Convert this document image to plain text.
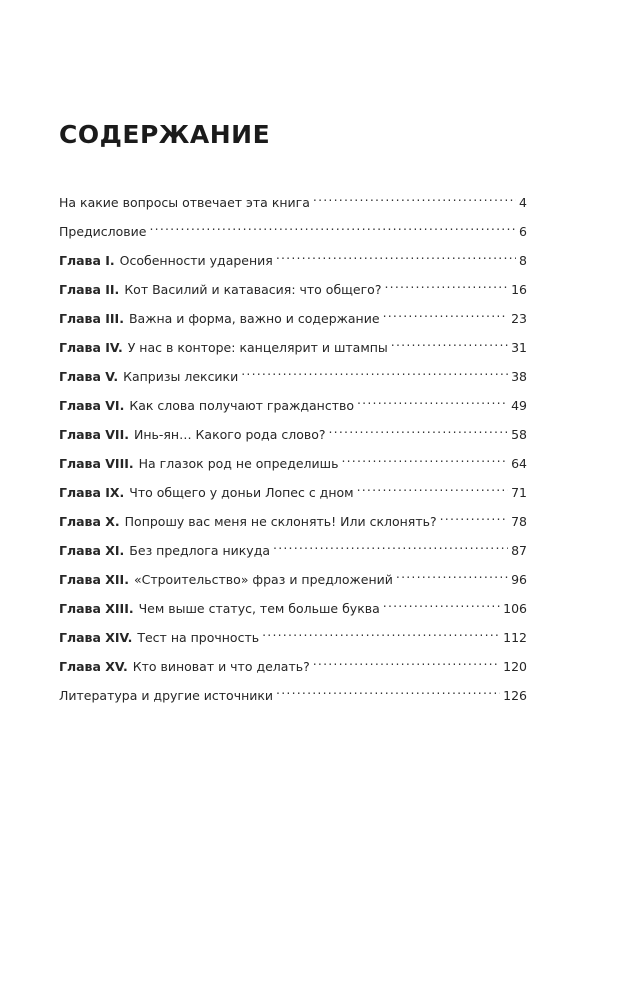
СОДЕРЖАНИЕ
На какие вопросы отвечает эта книга .....	4
Предисловие .....	6
Глава I. Особенности ударения .....	8
Глава II. Кот Василий и катавасия: что общего? .....	16
Глава III. Важна и форма, важно и содержание .....	23
Глава IV. У нас в конторе: канцелярит и штампы .....	31
Глава V. Капризы лексики .....	38
Глава VI. Как слова получают гражданство .....	49
Глава VII. Инь-ян… Какого рода слово? .....	58
Глава VIII. На глазок род не определишь .....	64
Глава IX. Что общего у доньи Лопес с дном .....	71
Глава X. Попрошу вас меня не склонять! Или склонять? .....	78
Глава XI. Без предлога никуда .....	87
Глава XII. «Строительство» фраз и предложений .....	96
Глава XIII. Чем выше статус, тем больше буква .....	106
Глава XIV. Тест на прочность .....	112
Глава XV. Кто виноват и что делать? .....	120
Литература и другие источники .....	126
